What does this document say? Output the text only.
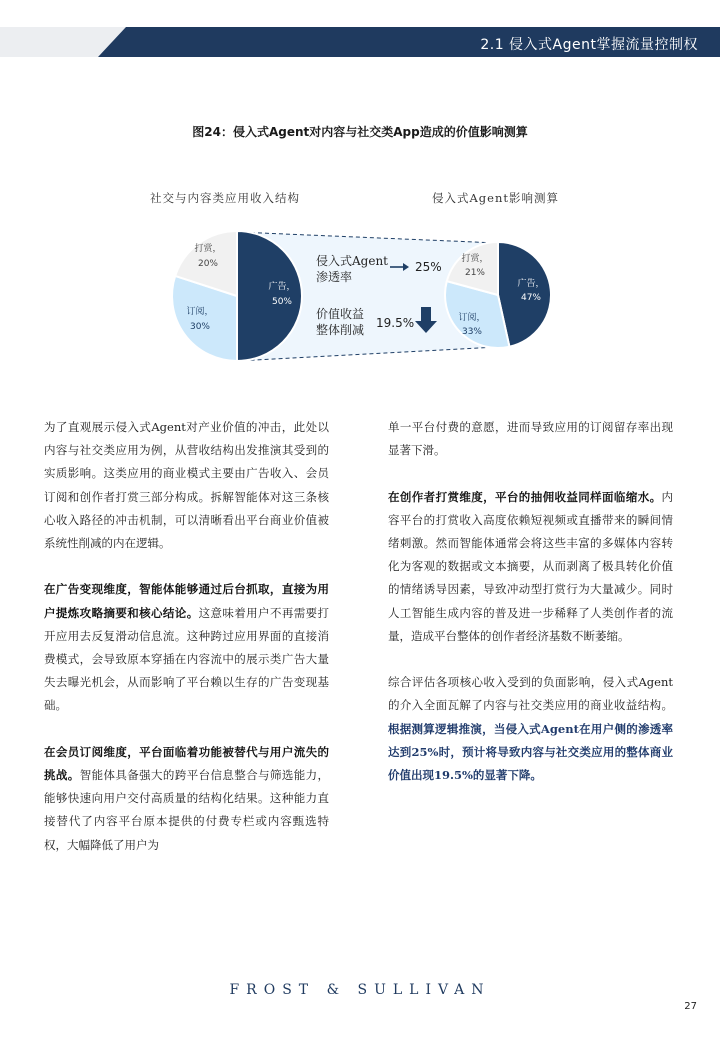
2.1 侵入式Agent掌握流量控制权
图24：侵入式Agent对内容与社交类App造成的价值影响测算
社交与内容类应用收入结构	侵入式Agent影响测算
广告，
50%
订阅，
30%
打赏，
20%
广告，
47%
订阅，
33%
打赏，
21%
侵入式Agent
渗透率
25%
价值收益
整体削减 19.5%

为了直观展示侵入式Agent对产业价值的冲击，此处以内容与社交类应用为例，从营收结构出发推演其受到的实质影响。这类应用的商业模式主要由广告收入、会员订阅和创作者打赏三部分构成。拆解智能体对这三条核心收入路径的冲击机制，可以清晰看出平台商业价值被系统性削减的内在逻辑。

在广告变现维度，智能体能够通过后台抓取，直接为用户提炼攻略摘要和核心结论。这意味着用户不再需要打开应用去反复滑动信息流。这种跨过应用界面的直接消费模式，会导致原本穿插在内容流中的展示类广告大量失去曝光机会，从而影响了平台赖以生存的广告变现基础。

在会员订阅维度，平台面临着功能被替代与用户流失的挑战。智能体具备强大的跨平台信息整合与筛选能力，能够快速向用户交付高质量的结构化结果。这种能力直接替代了内容平台原本提供的付费专栏或内容甄选特权，大幅降低了用户为

单一平台付费的意愿，进而导致应用的订阅留存率出现显著下滑。

在创作者打赏维度，平台的抽佣收益同样面临缩水。内容平台的打赏收入高度依赖短视频或直播带来的瞬间情绪刺激。然而智能体通常会将这些丰富的多媒体内容转化为客观的数据或文本摘要，从而剥离了极具转化价值的情绪诱导因素，导致冲动型打赏行为大量减少。同时人工智能生成内容的普及进一步稀释了人类创作者的流量，造成平台整体的创作者经济基数不断萎缩。

综合评估各项核心收入受到的负面影响，侵入式Agent的介入全面瓦解了内容与社交类应用的商业收益结构。根据测算逻辑推演，当侵入式Agent在用户侧的渗透率达到25%时，预计将导致内容与社交类应用的整体商业价值出现19.5%的显著下降。

FROST & SULLIVAN
27
